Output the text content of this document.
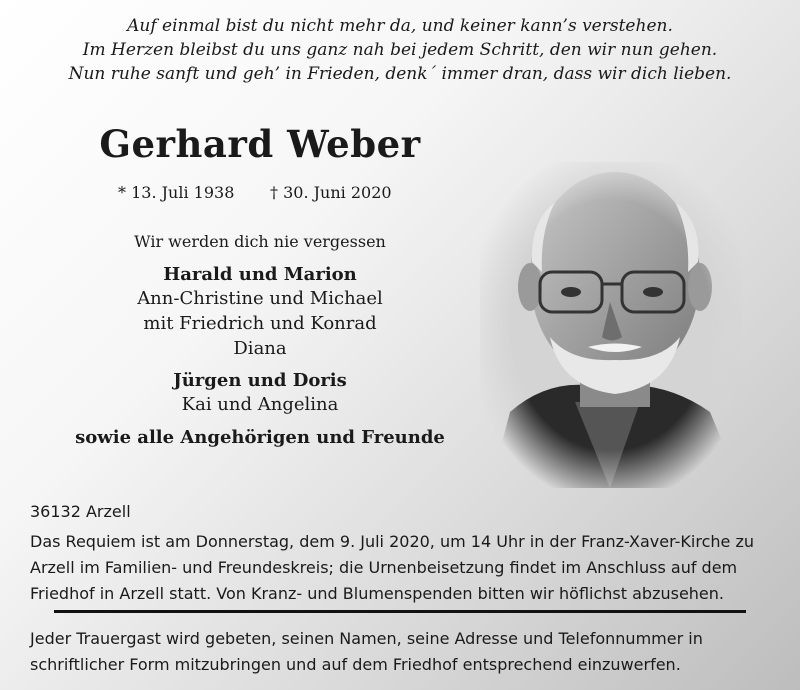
Auf einmal bist du nicht mehr da, und keiner kann’s verstehen.
Im Herzen bleibst du uns ganz nah bei jedem Schritt, den wir nun gehen.
Nun ruhe sanft und geh’ in Frieden, denk´ immer dran, dass wir dich lieben.
Gerhard Weber
* 13. Juli 1938 † 30. Juni 2020
Wir werden dich nie vergessen
Harald und Marion
Ann-Christine und Michael
mit Friedrich und Konrad
Diana
Jürgen und Doris
Kai und Angelina
sowie alle Angehörigen und Freunde
36132 Arzell
Das Requiem ist am Donnerstag, dem 9. Juli 2020, um 14 Uhr in der Franz-Xaver-Kirche zu
Arzell im Familien- und Freundeskreis; die Urnenbeisetzung findet im Anschluss auf dem
Friedhof in Arzell statt. Von Kranz- und Blumenspenden bitten wir höflichst abzusehen.
Jeder Trauergast wird gebeten, seinen Namen, seine Adresse und Telefonnummer in
schriftlicher Form mitzubringen und auf dem Friedhof entsprechend einzuwerfen.
